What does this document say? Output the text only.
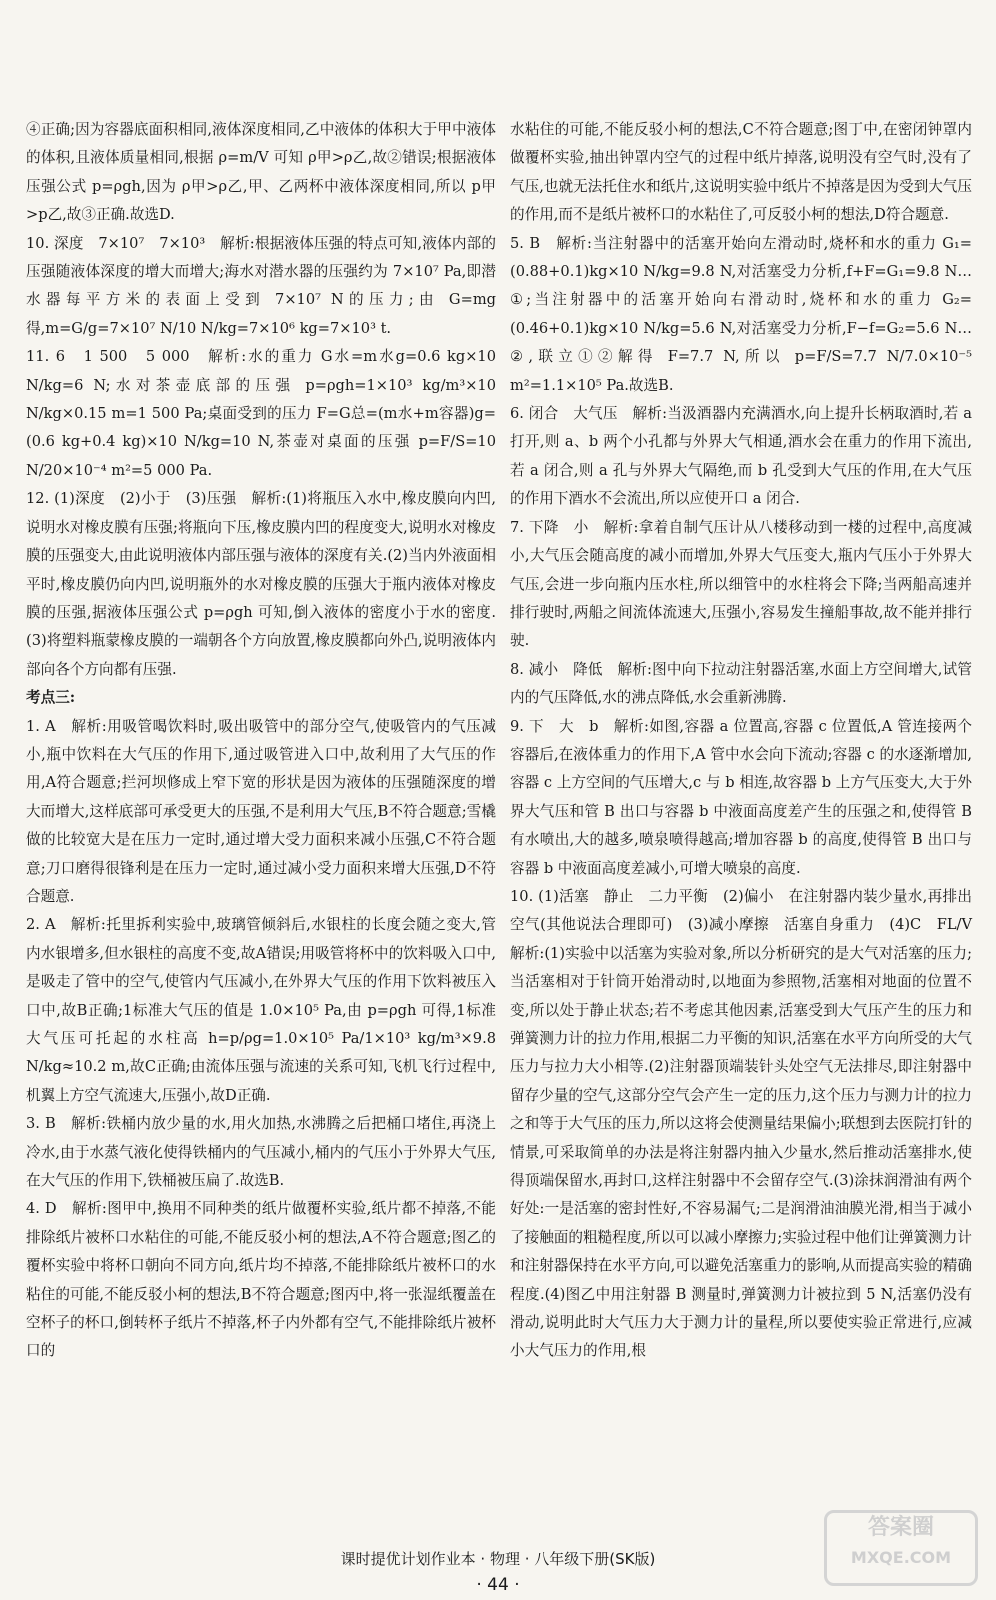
④正确;因为容器底面积相同,液体深度相同,乙中液体的体积大于甲中液体的体积,且液体质量相同,根据 ρ=m/V 可知 ρ甲>ρ乙,故②错误;根据液体压强公式 p=ρgh,因为 ρ甲>ρ乙,甲、乙两杯中液体深度相同,所以 p甲>p乙,故③正确.故选D.

10. 深度　7×10⁷　7×10³　解析:根据液体压强的特点可知,液体内部的压强随液体深度的增大而增大;海水对潜水器的压强约为 7×10⁷ Pa,即潜水器每平方米的表面上受到 7×10⁷ N的压力;由 G=mg 得,m=G/g=7×10⁷ N/10 N/kg=7×10⁶ kg=7×10³ t.

11. 6　1 500　5 000　解析:水的重力 G水=m水g=0.6 kg×10 N/kg=6 N;水对茶壶底部的压强 p=ρgh=1×10³ kg/m³×10 N/kg×0.15 m=1 500 Pa;桌面受到的压力 F=G总=(m水+m容器)g=(0.6 kg+0.4 kg)×10 N/kg=10 N,茶壶对桌面的压强 p=F/S=10 N/20×10⁻⁴ m²=5 000 Pa.

12. (1)深度　(2)小于　(3)压强　解析:(1)将瓶压入水中,橡皮膜向内凹,说明水对橡皮膜有压强;将瓶向下压,橡皮膜内凹的程度变大,说明水对橡皮膜的压强变大,由此说明液体内部压强与液体的深度有关.(2)当内外液面相平时,橡皮膜仍向内凹,说明瓶外的水对橡皮膜的压强大于瓶内液体对橡皮膜的压强,据液体压强公式 p=ρgh 可知,倒入液体的密度小于水的密度.(3)将塑料瓶蒙橡皮膜的一端朝各个方向放置,橡皮膜都向外凸,说明液体内部向各个方向都有压强.

考点三:

1. A　解析:用吸管喝饮料时,吸出吸管中的部分空气,使吸管内的气压减小,瓶中饮料在大气压的作用下,通过吸管进入口中,故利用了大气压的作用,A符合题意;拦河坝修成上窄下宽的形状是因为液体的压强随深度的增大而增大,这样底部可承受更大的压强,不是利用大气压,B不符合题意;雪橇做的比较宽大是在压力一定时,通过增大受力面积来减小压强,C不符合题意;刀口磨得很锋利是在压力一定时,通过减小受力面积来增大压强,D不符合题意.

2. A　解析:托里拆利实验中,玻璃管倾斜后,水银柱的长度会随之变大,管内水银增多,但水银柱的高度不变,故A错误;用吸管将杯中的饮料吸入口中,是吸走了管中的空气,使管内气压减小,在外界大气压的作用下饮料被压入口中,故B正确;1标准大气压的值是 1.0×10⁵ Pa,由 p=ρgh 可得,1标准大气压可托起的水柱高 h=p/ρg=1.0×10⁵ Pa/1×10³ kg/m³×9.8 N/kg≈10.2 m,故C正确;由流体压强与流速的关系可知,飞机飞行过程中,机翼上方空气流速大,压强小,故D正确.

3. B　解析:铁桶内放少量的水,用火加热,水沸腾之后把桶口堵住,再浇上冷水,由于水蒸气液化使得铁桶内的气压减小,桶内的气压小于外界大气压,在大气压的作用下,铁桶被压扁了.故选B.

4. D　解析:图甲中,换用不同种类的纸片做覆杯实验,纸片都不掉落,不能排除纸片被杯口水粘住的可能,不能反驳小柯的想法,A不符合题意;图乙的覆杯实验中将杯口朝向不同方向,纸片均不掉落,不能排除纸片被杯口的水粘住的可能,不能反驳小柯的想法,B不符合题意;图丙中,将一张湿纸覆盖在空杯子的杯口,倒转杯子纸片不掉落,杯子内外都有空气,不能排除纸片被杯口的

水粘住的可能,不能反驳小柯的想法,C不符合题意;图丁中,在密闭钟罩内做覆杯实验,抽出钟罩内空气的过程中纸片掉落,说明没有空气时,没有了气压,也就无法托住水和纸片,这说明实验中纸片不掉落是因为受到大气压的作用,而不是纸片被杯口的水粘住了,可反驳小柯的想法,D符合题意.

5. B　解析:当注射器中的活塞开始向左滑动时,烧杯和水的重力 G₁=(0.88+0.1)kg×10 N/kg=9.8 N,对活塞受力分析,f+F=G₁=9.8 N…①;当注射器中的活塞开始向右滑动时,烧杯和水的重力 G₂=(0.46+0.1)kg×10 N/kg=5.6 N,对活塞受力分析,F−f=G₂=5.6 N…②,联立①②解得 F=7.7 N,所以 p=F/S=7.7 N/7.0×10⁻⁵ m²=1.1×10⁵ Pa.故选B.

6. 闭合　大气压　解析:当汲酒器内充满酒水,向上提升长柄取酒时,若 a 打开,则 a、b 两个小孔都与外界大气相通,酒水会在重力的作用下流出,若 a 闭合,则 a 孔与外界大气隔绝,而 b 孔受到大气压的作用,在大气压的作用下酒水不会流出,所以应使开口 a 闭合.

7. 下降　小　解析:拿着自制气压计从八楼移动到一楼的过程中,高度减小,大气压会随高度的减小而增加,外界大气压变大,瓶内气压小于外界大气压,会进一步向瓶内压水柱,所以细管中的水柱将会下降;当两船高速并排行驶时,两船之间流体流速大,压强小,容易发生撞船事故,故不能并排行驶.

8. 减小　降低　解析:图中向下拉动注射器活塞,水面上方空间增大,试管内的气压降低,水的沸点降低,水会重新沸腾.

9. 下　大　b　解析:如图,容器 a 位置高,容器 c 位置低,A 管连接两个容器后,在液体重力的作用下,A 管中水会向下流动;容器 c 的水逐渐增加,容器 c 上方空间的气压增大,c 与 b 相连,故容器 b 上方气压变大,大于外界大气压和管 B 出口与容器 b 中液面高度差产生的压强之和,使得管 B 有水喷出,大的越多,喷泉喷得越高;增加容器 b 的高度,使得管 B 出口与容器 b 中液面高度差减小,可增大喷泉的高度.

10. (1)活塞　静止　二力平衡　(2)偏小　在注射器内装少量水,再排出空气(其他说法合理即可)　(3)减小摩擦　活塞自身重力　(4)C　FL/V　解析:(1)实验中以活塞为实验对象,所以分析研究的是大气对活塞的压力;当活塞相对于针筒开始滑动时,以地面为参照物,活塞相对地面的位置不变,所以处于静止状态;若不考虑其他因素,活塞受到大气压产生的压力和弹簧测力计的拉力作用,根据二力平衡的知识,活塞在水平方向所受的大气压力与拉力大小相等.(2)注射器顶端装针头处空气无法排尽,即注射器中留存少量的空气,这部分空气会产生一定的压力,这个压力与测力计的拉力之和等于大气压的压力,所以这将会使测量结果偏小;联想到去医院打针的情景,可采取简单的办法是将注射器内抽入少量水,然后推动活塞排水,使得顶端保留水,再封口,这样注射器中不会留存空气.(3)涂抹润滑油有两个好处:一是活塞的密封性好,不容易漏气;二是润滑油油膜光滑,相当于减小了接触面的粗糙程度,所以可以减小摩擦力;实验过程中他们让弹簧测力计和注射器保持在水平方向,可以避免活塞重力的影响,从而提高实验的精确程度.(4)图乙中用注射器 B 测量时,弹簧测力计被拉到 5 N,活塞仍没有滑动,说明此时大气压力大于测力计的量程,所以要使实验正常进行,应减小大气压力的作用,根

课时提优计划作业本 · 物理 · 八年级下册(SK版)
· 44 ·
答案圈
MXQE.COM
